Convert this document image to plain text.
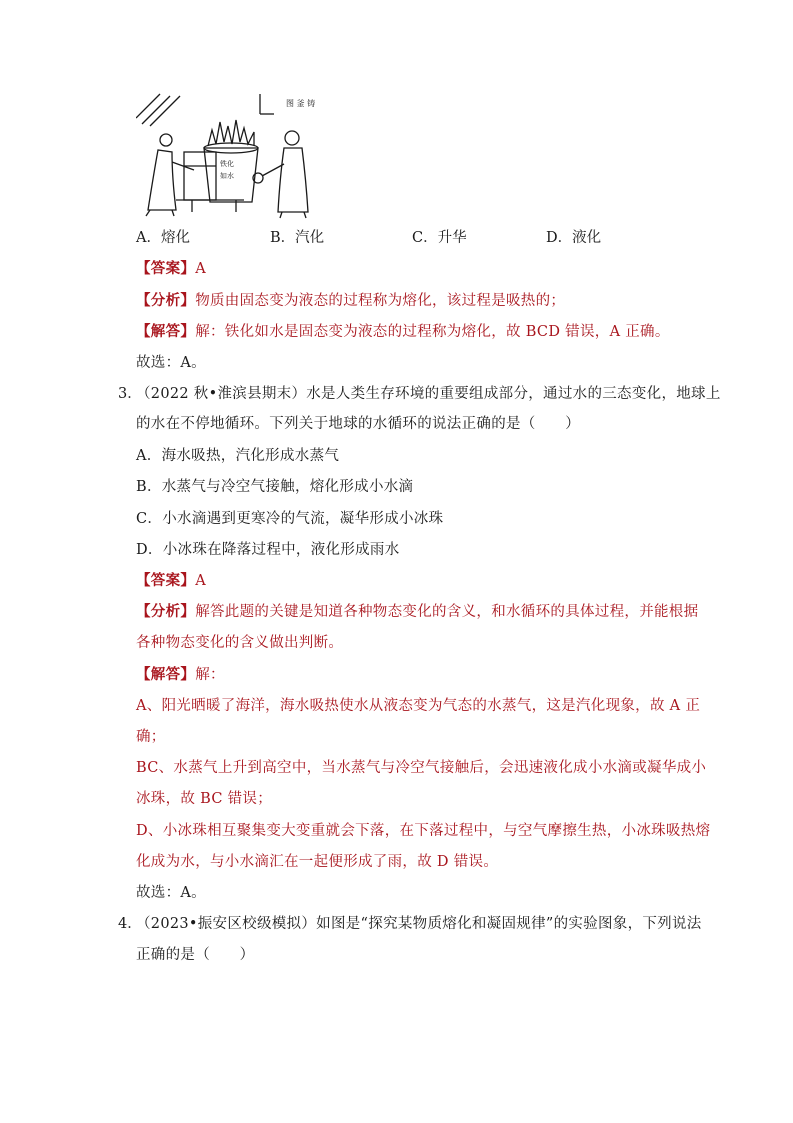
图 釜 铸
铁化
如水
A．熔化	B．汽化	C．升华	D．液化
【答案】A
【分析】物质由固态变为液态的过程称为熔化，该过程是吸热的；
【解答】解：铁化如水是固态变为液态的过程称为熔化，故 BCD 错误，A 正确。
故选：A。
3．
（2022 秋•淮滨县期末）水是人类生存环境的重要组成部分，通过水的三态变化，地球上
的水在不停地循环。下列关于地球的水循环的说法正确的是（　　）
A．海水吸热，汽化形成水蒸气
B．水蒸气与冷空气接触，熔化形成小水滴
C．小水滴遇到更寒冷的气流，凝华形成小冰珠
D．小冰珠在降落过程中，液化形成雨水
【答案】A
【分析】解答此题的关键是知道各种物态变化的含义，和水循环的具体过程，并能根据
各种物态变化的含义做出判断。
【解答】解：
A、阳光晒暖了海洋，海水吸热使水从液态变为气态的水蒸气，这是汽化现象，故 A 正
确；
BC、水蒸气上升到高空中，当水蒸气与冷空气接触后，会迅速液化成小水滴或凝华成小
冰珠，故 BC 错误；
D、小冰珠相互聚集变大变重就会下落，在下落过程中，与空气摩擦生热，小冰珠吸热熔
化成为水，与小水滴汇在一起便形成了雨，故 D 错误。
故选：A。
4．
（2023•振安区校级模拟）如图是“探究某物质熔化和凝固规律”的实验图象，下列说法
正确的是（　　）
